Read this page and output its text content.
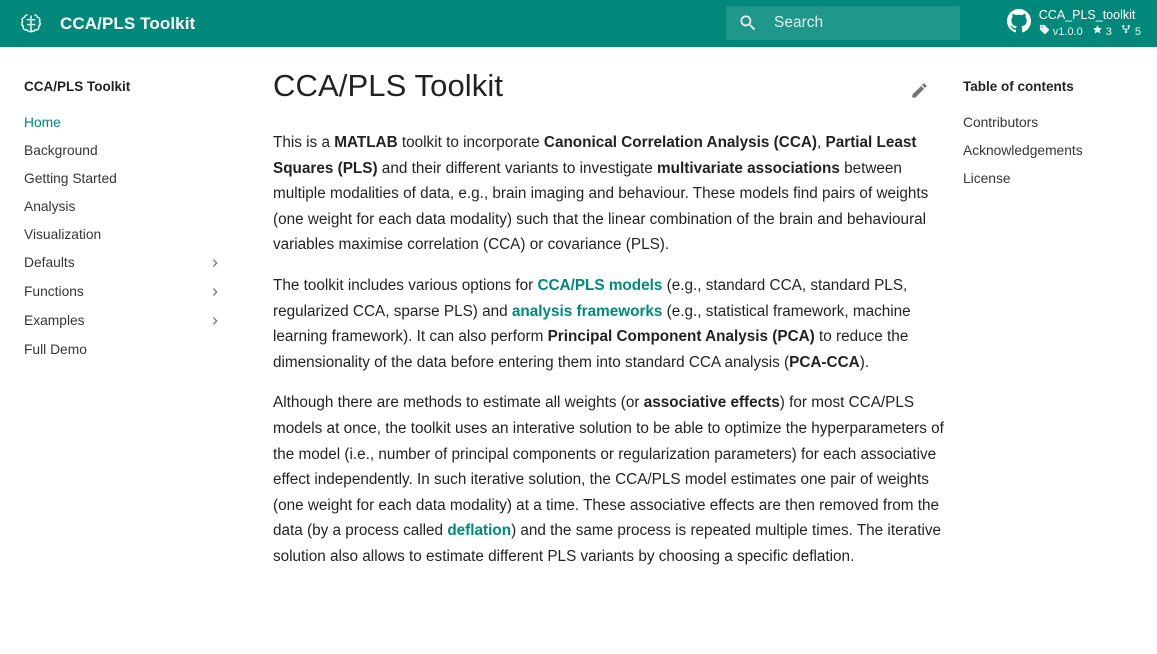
CCA/PLS Toolkit
Search	CCA_PLS_toolkit
v1.0.0 3 5
CCA/PLS Toolkit
Home
Background
Getting Started
Analysis
Visualization
Defaults
Functions
Examples
Full Demo
CCA/PLS Toolkit

This is a MATLAB toolkit to incorporate Canonical Correlation Analysis (CCA), Partial Least Squares (PLS) and their different variants to investigate multivariate associations between multiple modalities of data, e.g., brain imaging and behaviour. These models find pairs of weights (one weight for each data modality) such that the linear combination of the brain and behavioural variables maximise correlation (CCA) or covariance (PLS).

The toolkit includes various options for CCA/PLS models (e.g., standard CCA, standard PLS, regularized CCA, sparse PLS) and analysis frameworks (e.g., statistical framework, machine learning framework). It can also perform Principal Component Analysis (PCA) to reduce the dimensionality of the data before entering them into standard CCA analysis (PCA-CCA).

Although there are methods to estimate all weights (or associative effects) for most CCA/PLS models at once, the toolkit uses an interative solution to be able to optimize the hyperparameters of the model (i.e., number of principal components or regularization parameters) for each associative effect independently. In such iterative solution, the CCA/PLS model estimates one pair of weights (one weight for each data modality) at a time. These associative effects are then removed from the data (by a process called deflation) and the same process is repeated multiple times. The iterative solution also allows to estimate different PLS variants by choosing a specific deflation.

Table of contents
Contributors
Acknowledgements
License
